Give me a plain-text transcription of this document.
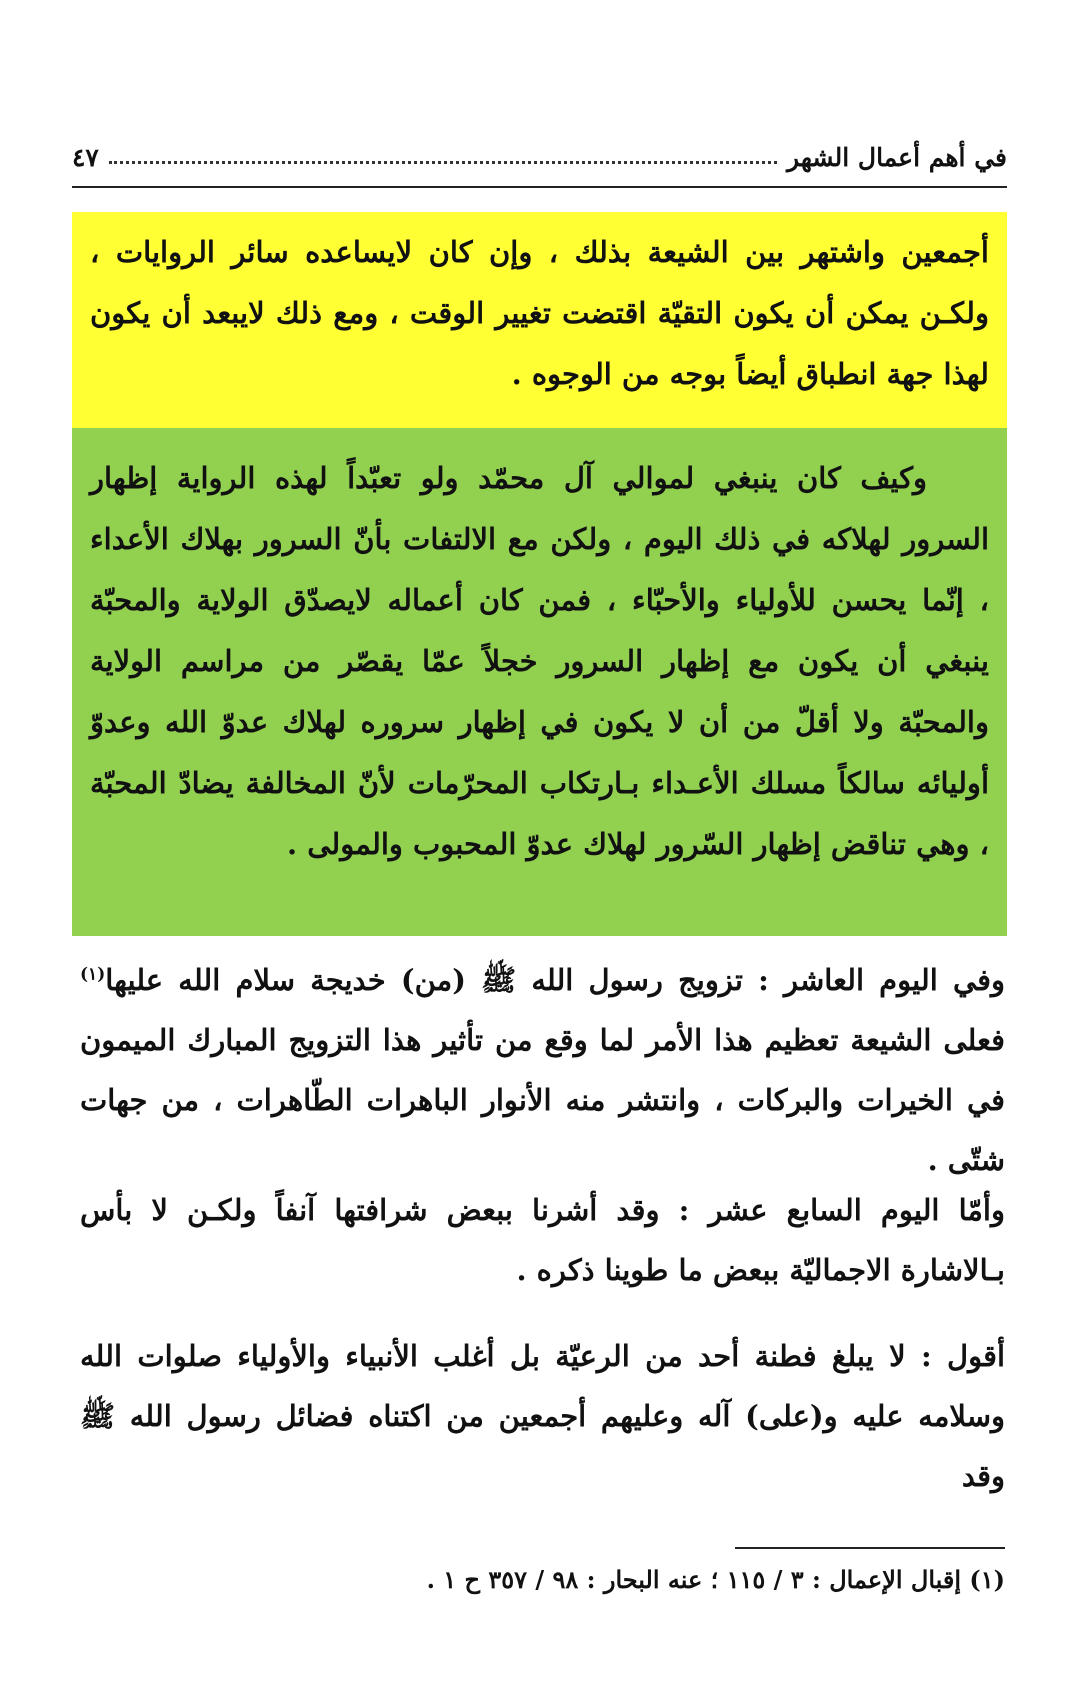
في أهم أعمال الشهر
٤٧
أجمعين واشتهر بين الشيعة بذلك ، وإن كان لايساعده سائر الروايات ، ولكـن يمكن أن يكون التقيّة اقتضت تغيير الوقت ، ومع ذلك لايبعد أن يكون لهذا جهة انطباق أيضاً بوجه من الوجوه .

وكيف كان ينبغي لموالي آل محمّد ولو تعبّداً لهذه الرواية إظهار السرور لهلاكه في ذلك اليوم ، ولكن مع الالتفات بأنّ السرور بهلاك الأعداء ، إنّما يحسن للأولياء والأحبّاء ، فمن كان أعماله لايصدّق الولاية والمحبّة ينبغي أن يكون مع إظهار السرور خجلاً عمّا يقصّر من مراسم الولاية والمحبّة ولا أقلّ من أن لا يكون في إظهار سروره لهلاك عدوّ الله وعدوّ أوليائه سالكاً مسلك الأعـداء بـارتكاب المحرّمات لأنّ المخالفة يضادّ المحبّة ، وهي تناقض إظهار السّرور لهلاك عدوّ المحبوب والمولى .

وفي اليوم العاشر : تزويج رسول الله ﷺ (من) خديجة سلام الله عليها$^{(١)}$ فعلى الشيعة تعظيم هذا الأمر لما وقع من تأثير هذا التزويج المبارك الميمون في الخيرات والبركات ، وانتشر منه الأنوار الباهرات الطّاهرات ، من جهات شتّى .
وأمّا اليوم السابع عشر : وقد أشرنا ببعض شرافتها آنفاً ولكـن لا بأس بـالاشارة الاجماليّة ببعض ما طوينا ذكره .
أقول : لا يبلغ فطنة أحد من الرعيّة بل أغلب الأنبياء والأولياء صلوات الله وسلامه عليه و(على) آله وعليهم أجمعين من اكتناه فضائل رسول الله ﷺ وقد
(١) إقبال الإعمال : ٣ / ١١٥ ؛ عنه البحار : ٩٨ / ٣٥٧ ح ١ .
